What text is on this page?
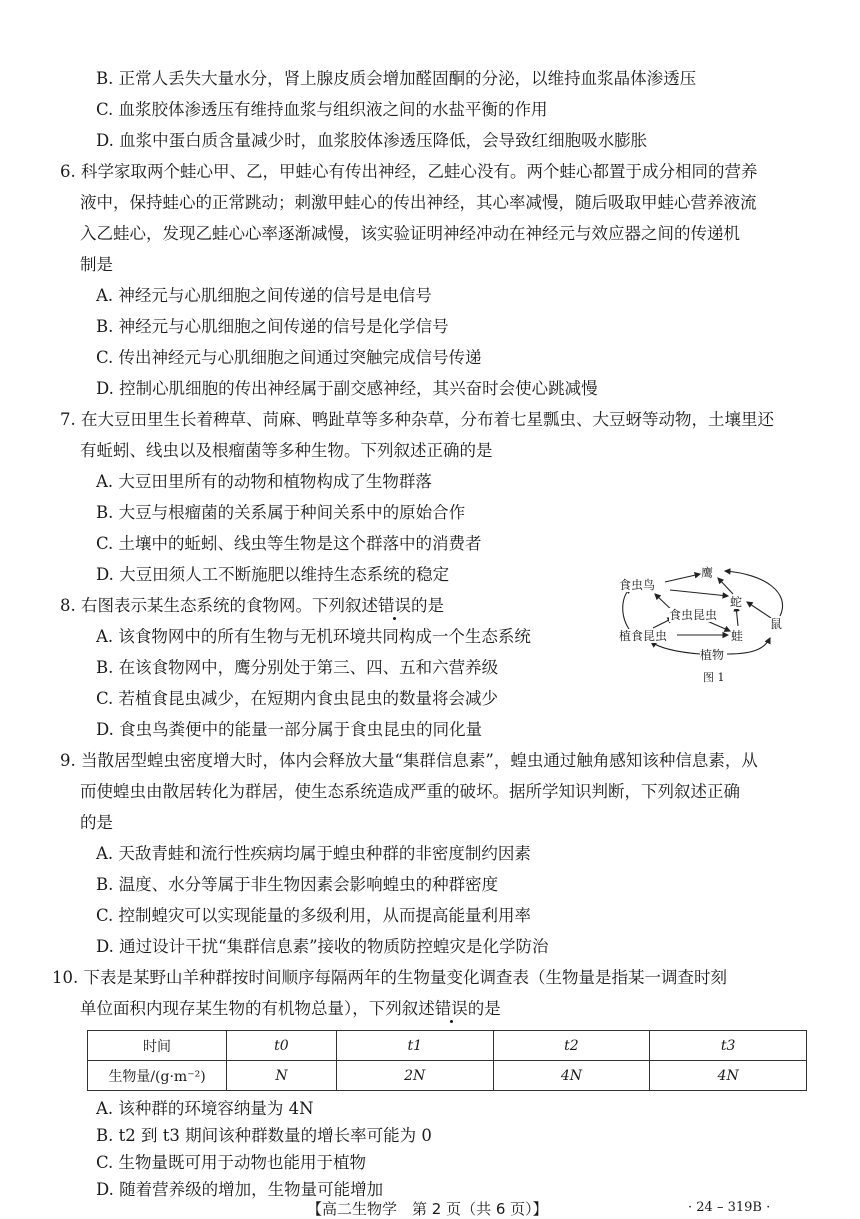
B. 正常人丢失大量水分，肾上腺皮质会增加醛固酮的分泌，以维持血浆晶体渗透压
C. 血浆胶体渗透压有维持血浆与组织液之间的水盐平衡的作用
D. 血浆中蛋白质含量减少时，血浆胶体渗透压降低，会导致红细胞吸水膨胀
6. 科学家取两个蛙心甲、乙，甲蛙心有传出神经，乙蛙心没有。两个蛙心都置于成分相同的营养
液中，保持蛙心的正常跳动；刺激甲蛙心的传出神经，其心率减慢，随后吸取甲蛙心营养液流
入乙蛙心，发现乙蛙心心率逐渐减慢，该实验证明神经冲动在神经元与效应器之间的传递机
制是
A. 神经元与心肌细胞之间传递的信号是电信号
B. 神经元与心肌细胞之间传递的信号是化学信号
C. 传出神经元与心肌细胞之间通过突触完成信号传递
D. 控制心肌细胞的传出神经属于副交感神经，其兴奋时会使心跳减慢
7. 在大豆田里生长着稗草、苘麻、鸭趾草等多种杂草，分布着七星瓢虫、大豆蚜等动物，土壤里还
有蚯蚓、线虫以及根瘤菌等多种生物。下列叙述正确的是
A. 大豆田里所有的动物和植物构成了生物群落
B. 大豆与根瘤菌的关系属于种间关系中的原始合作
C. 土壤中的蚯蚓、线虫等生物是这个群落中的消费者
D. 大豆田须人工不断施肥以维持生态系统的稳定
8. 右图表示某生态系统的食物网。下列叙述错误的是
A. 该食物网中的所有生物与无机环境共同构成一个生态系统
B. 在该食物网中，鹰分别处于第三、四、五和六营养级
C. 若植食昆虫减少，在短期内食虫昆虫的数量将会减少
D. 食虫鸟粪便中的能量一部分属于食虫昆虫的同化量
鹰
食虫鸟
蛇
食虫昆虫
植食昆虫	蛙
鼠
植物
图 1
9. 当散居型蝗虫密度增大时，体内会释放大量“集群信息素”，蝗虫通过触角感知该种信息素，从
而使蝗虫由散居转化为群居，使生态系统造成严重的破坏。据所学知识判断，下列叙述正确
的是
A. 天敌青蛙和流行性疾病均属于蝗虫种群的非密度制约因素
B. 温度、水分等属于非生物因素会影响蝗虫的种群密度
C. 控制蝗灾可以实现能量的多级利用，从而提高能量利用率
D. 通过设计干扰“集群信息素”接收的物质防控蝗灾是化学防治
10. 下表是某野山羊种群按时间顺序每隔两年的生物量变化调查表（生物量是指某一调查时刻
单位面积内现存某生物的有机物总量），下列叙述错误的是
时间	t0	t1	t2	t3
生物量/(g·m⁻²)	N	2N	4N	4N
A. 该种群的环境容纳量为 4N
B. t2 到 t3 期间该种群数量的增长率可能为 0
C. 生物量既可用于动物也能用于植物
D. 随着营养级的增加，生物量可能增加
【高二生物学　第 2 页（共 6 页）】	· 24 – 319B ·
